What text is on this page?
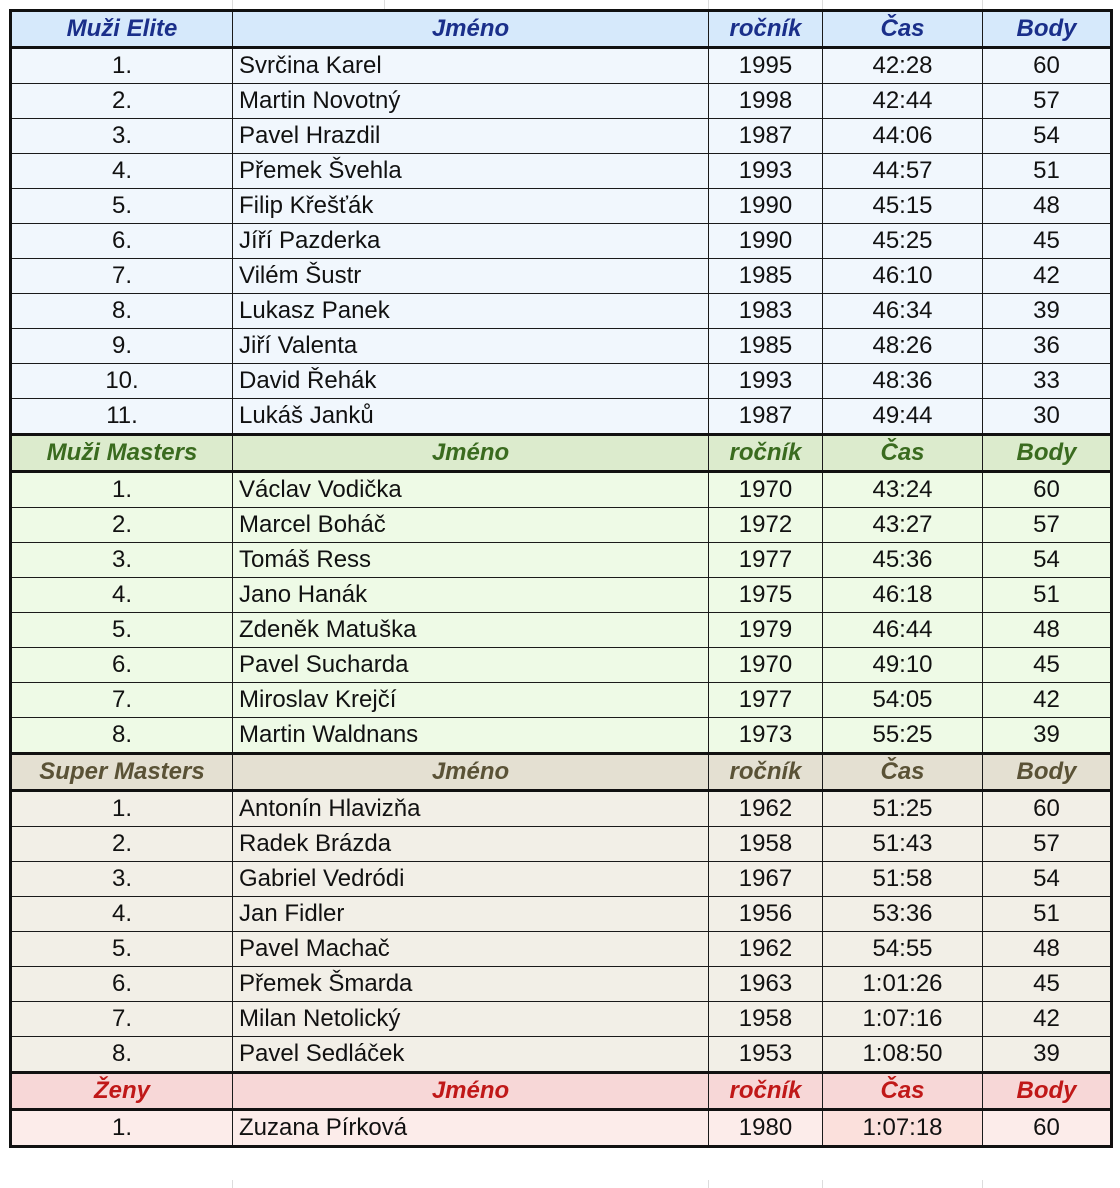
Muži Elite	Jméno	ročník	Čas	Body
1.	Svrčina Karel	1995	42:28	60
2.	Martin Novotný	1998	42:44	57
3.	Pavel Hrazdil	1987	44:06	54
4.	Přemek Švehla	1993	44:57	51
5.	Filip Křešťák	1990	45:15	48
6.	Jíří Pazderka	1990	45:25	45
7.	Vilém Šustr	1985	46:10	42
8.	Lukasz Panek	1983	46:34	39
9.	Jiří Valenta	1985	48:26	36
10.	David Řehák	1993	48:36	33
11.	Lukáš Janků	1987	49:44	30
Muži Masters	Jméno	ročník	Čas	Body
1.	Václav Vodička	1970	43:24	60
2.	Marcel Boháč	1972	43:27	57
3.	Tomáš Ress	1977	45:36	54
4.	Jano Hanák	1975	46:18	51
5.	Zdeněk Matuška	1979	46:44	48
6.	Pavel Sucharda	1970	49:10	45
7.	Miroslav Krejčí	1977	54:05	42
8.	Martin Waldnans	1973	55:25	39
Super Masters	Jméno	ročník	Čas	Body
1.	Antonín Hlavizňa	1962	51:25	60
2.	Radek Brázda	1958	51:43	57
3.	Gabriel Vedródi	1967	51:58	54
4.	Jan Fidler	1956	53:36	51
5.	Pavel Machač	1962	54:55	48
6.	Přemek Šmarda	1963	1:01:26	45
7.	Milan Netolický	1958	1:07:16	42
8.	Pavel Sedláček	1953	1:08:50	39
Ženy	Jméno	ročník	Čas	Body
1.	Zuzana Pírková	1980	1:07:18	60
